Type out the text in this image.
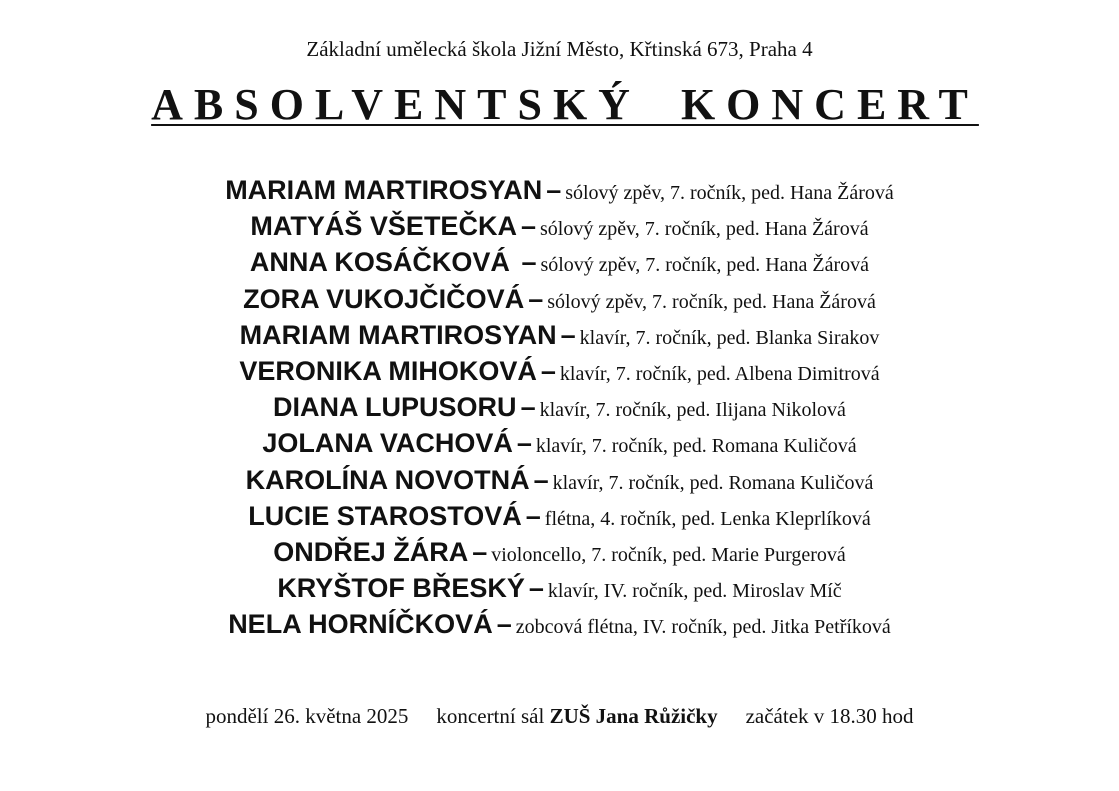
Základní umělecká škola Jižní Město, Křtinská 673, Praha 4
ABSOLVENTSKÝ KONCERT
MARIAM MARTIROSYAN – sólový zpěv, 7. ročník, ped. Hana Žárová
MATYÁŠ VŠETEČKA – sólový zpěv, 7. ročník, ped. Hana Žárová
ANNA KOSÁČKOVÁ  – sólový zpěv, 7. ročník, ped. Hana Žárová
ZORA VUKOJČIČOVÁ – sólový zpěv, 7. ročník, ped. Hana Žárová
MARIAM MARTIROSYAN – klavír, 7. ročník, ped. Blanka Sirakov
VERONIKA MIHOKOVÁ – klavír, 7. ročník, ped. Albena Dimitrová
DIANA LUPUSORU – klavír, 7. ročník, ped. Ilijana Nikolová
JOLANA VACHOVÁ – klavír, 7. ročník, ped. Romana Kuličová
KAROLÍNA NOVOTNÁ – klavír, 7. ročník, ped. Romana Kuličová
LUCIE STAROSTOVÁ – flétna, 4. ročník, ped. Lenka Kleprlíková
ONDŘEJ ŽÁRA – violoncello, 7. ročník, ped. Marie Purgerová
KRYŠTOF BŘESKÝ – klavír, IV. ročník, ped. Miroslav Míč
NELA HORNÍČKOVÁ – zobcová flétna, IV. ročník, ped. Jitka Petříková
pondělí 26. května 2025 koncertní sál ZUŠ Jana Růžičky začátek v 18.30 hod
